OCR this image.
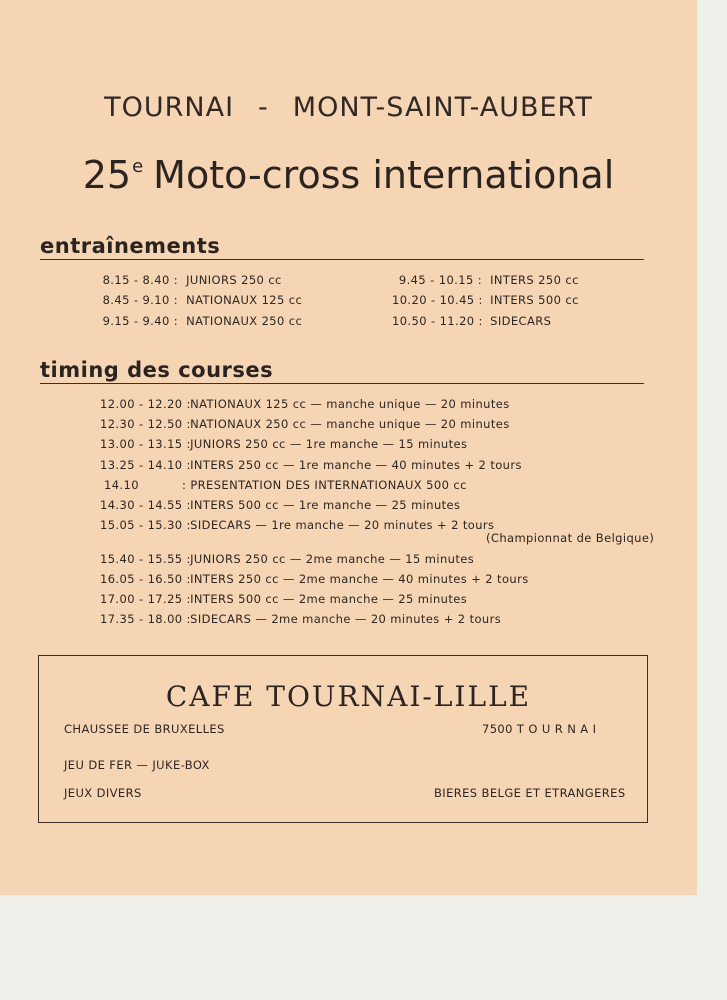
TOURNAI - MONT-SAINT-AUBERT
25e Moto-cross international
entraînements
8.15 - 8.40 : JUNIORS 250 cc
8.45 - 9.10 : NATIONAUX 125 cc
9.15 - 9.40 : NATIONAUX 250 cc
9.45 - 10.15 : INTERS 250 cc
10.20 - 10.45 : INTERS 500 cc
10.50 - 11.20 : SIDECARS
timing des courses
12.00 - 12.20 :  NATIONAUX 125 cc — manche unique — 20 minutes
12.30 - 12.50 :  NATIONAUX 250 cc — manche unique — 20 minutes
13.00 - 13.15 :  JUNIORS 250 cc — 1re manche — 15 minutes
13.25 - 14.10 :  INTERS 250 cc — 1re manche — 40 minutes + 2 tours
14.10	: PRESENTATION DES INTERNATIONAUX 500 cc
14.30 - 14.55 :  INTERS 500 cc — 1re manche — 25 minutes
15.05 - 15.30 :  SIDECARS — 1re manche — 20 minutes + 2 tours
(Championnat de Belgique)
15.40 - 15.55 :  JUNIORS 250 cc — 2me manche — 15 minutes
16.05 - 16.50 :  INTERS 250 cc — 2me manche — 40 minutes + 2 tours
17.00 - 17.25 :  INTERS 500 cc — 2me manche — 25 minutes
17.35 - 18.00 :  SIDECARS — 2me manche — 20 minutes + 2 tours
CAFE TOURNAI-LILLE
CHAUSSEE DE BRUXELLES	7500 T O U R N A I
JEU DE FER — JUKE-BOX
JEUX DIVERS	BIERES BELGE ET ETRANGERES
